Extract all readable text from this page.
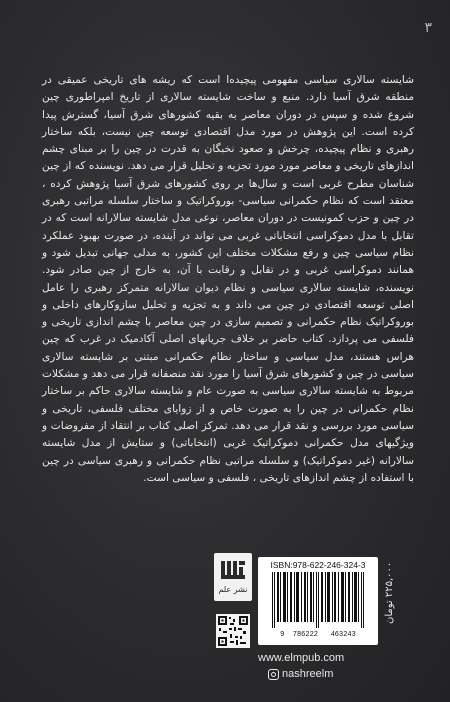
۳

شایسته سالاری سیاسی مفهومی پیچیده‌ا است که ریشه های تاریخی عمیقی در منطقه شرق آسیا دارد. منبع و ساخت شایسته سالاری از تاریخ امپراطوری چین شروع شده و سپس در دوران معاصر به بقیه کشورهای شرق آسیا، گسترش پیدا کرده است. این پژوهش در مورد مدل اقتصادی توسعه چین نیست، بلکه ساختار رهبری و نظام پیچیده، چرخش و صعود نخبگان به قدرت در چین را بر مبنای چشم اندازهای تاریخی و معاصر مورد مورد تجزیه و تحلیل قرار می دهد. نویسنده که از چین شناسان مطرح غربی است و سال‌ها بر روی کشورهای شرق آسیا پژوهش کرده ، معتقد است که نظام حکمرانی سیاسی- بوروکراتیک و ساختار سلسله مراتبی رهبری در چین و حزب کمونیست در دوران معاصر، نوعی مدل شایسته سالارانه است که در تقابل با مدل دموکراسی انتخاباتی غربی می تواند در آینده، در صورت بهبود عملکرد نظام سیاسی چین و رفع مشکلات مختلف این کشور، به مدلی جهانی تبدیل شود و همانند دموکراسی غربی و در تقابل و رقابت با آن، به خارج از چین صادر شود. نویسنده، شایسته سالاری سیاسی و نظام دیوان سالارانه متمرکز رهبری را عامل اصلی توسعه اقتصادی در چین می داند و به تجزیه و تحلیل سازوکارهای داخلی و بوروکراتیک نظام حکمرانی و تصمیم سازی در چین معاصر با چشم اندازی تاریخی و فلسفی می پردازد. کتاب حاضر بر خلاف جریانهای اصلی آکادمیک در غرب که چین هراس هستند، مدل سیاسی و ساختار نظام حکمرانی مبتنی بر شایسته سالاری سیاسی در چین و کشورهای شرق آسیا را مورد نقد منصفانه قرار می دهد و مشکلات مربوط به شایسته سالاری سیاسی به صورت عام و شایسته سالاری حاکم بر ساختار نظام حکمرانی در چین را به صورت خاص و از زوایای مختلف فلسفی، تاریخی و سیاسی مورد بررسی و نقد قرار می دهد. تمرکز اصلی کتاب بر انتقاد از مفروضات و ویژگیهای مدل حکمرانی دموکراتیک غربی (انتخاباتی) و ستایش از مدل شایسته سالارانه (غیر دموکراتیک) و سلسله مراتبی نظام حکمرانی و رهبری سیاسی در چین با استفاده از چشم اندازهای تاریخی ، فلسفی و سیاسی است.

نشر علم
ISBN:978-622-246-324-3
9 786222 463243
۲۲۵,۰۰۰ تومان
www.elmpub.com
nashreelm
